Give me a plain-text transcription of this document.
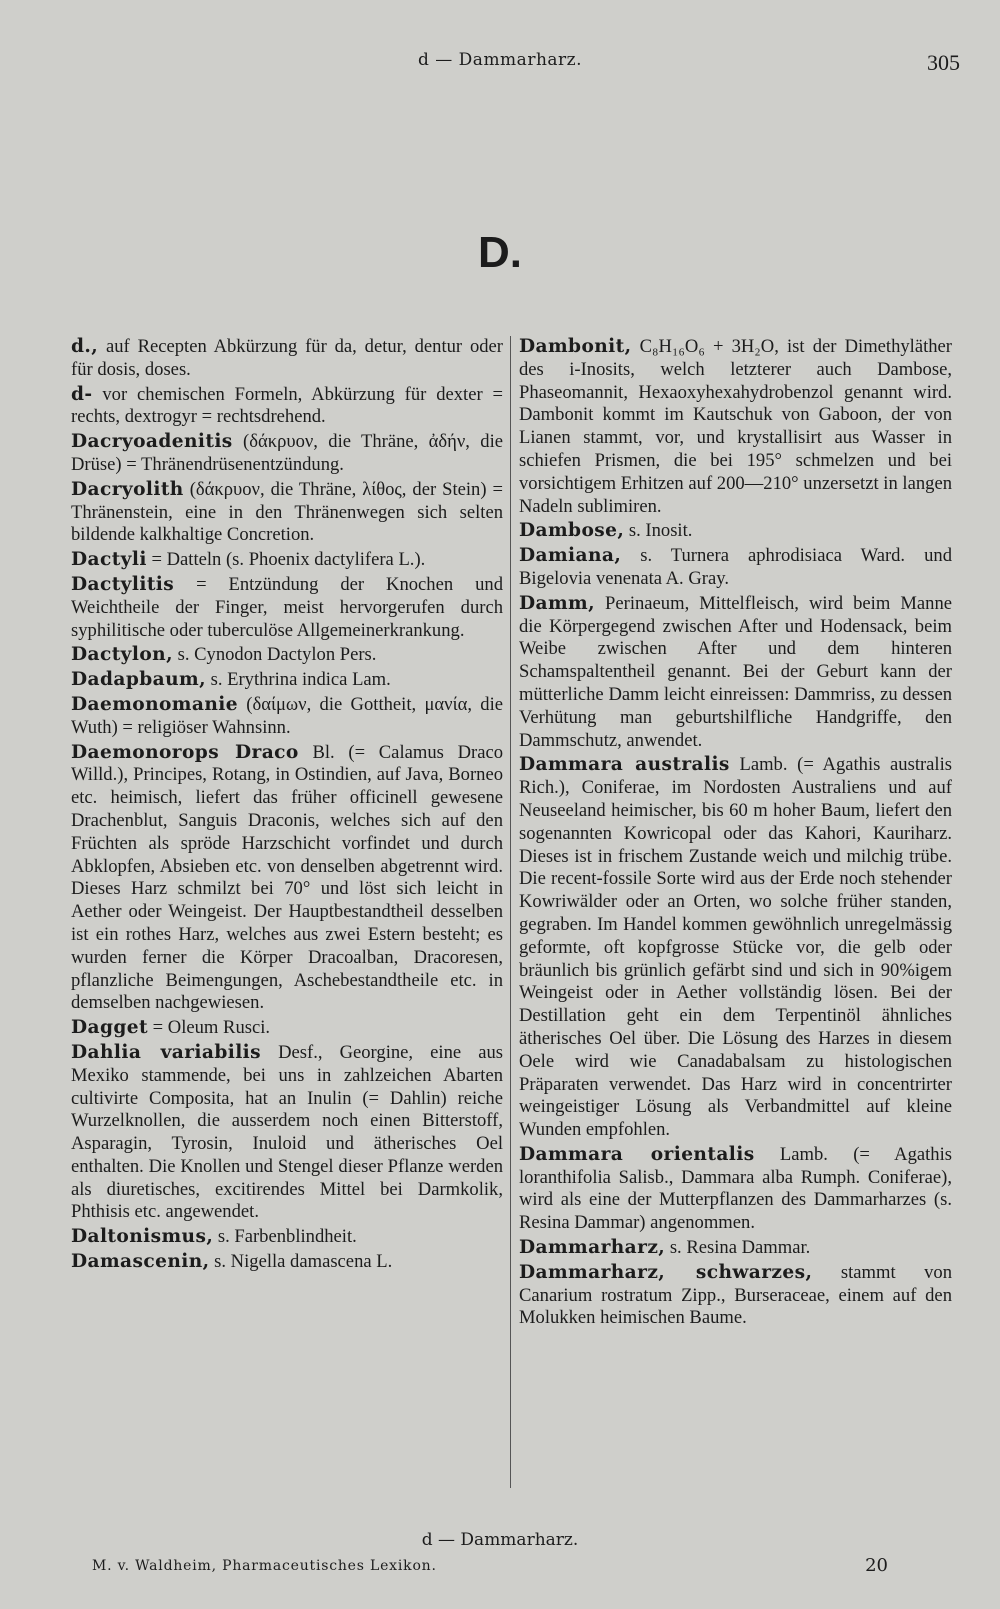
d — Dammarharz.	305
D.

d., auf Recepten Abkürzung für da, detur, dentur oder für dosis, doses.

d- vor chemischen Formeln, Abkürzung für dexter = rechts, dextrogyr = rechtsdrehend.

Dacryoadenitis (δάκρυον, die Thräne, ἀδήν, die Drüse) = Thränendrüsenentzündung.

Dacryolith (δάκρυον, die Thräne, λίθος, der Stein) = Thränenstein, eine in den Thränenwegen sich selten bildende kalkhaltige Concretion.

Dactyli = Datteln (s. Phoenix dactylifera L.).

Dactylitis = Entzündung der Knochen und Weichtheile der Finger, meist hervorgerufen durch syphilitische oder tuberculöse Allgemeinerkrankung.

Dactylon, s. Cynodon Dactylon Pers.

Dadapbaum, s. Erythrina indica Lam.

Daemonomanie (δαίμων, die Gottheit, μανία, die Wuth) = religiöser Wahnsinn.

Daemonorops Draco Bl. (= Calamus Draco Willd.), Principes, Rotang, in Ostindien, auf Java, Borneo etc. heimisch, liefert das früher officinell gewesene Drachenblut, Sanguis Draconis, welches sich auf den Früchten als spröde Harzschicht vorfindet und durch Abklopfen, Absieben etc. von denselben abgetrennt wird. Dieses Harz schmilzt bei 70° und löst sich leicht in Aether oder Weingeist. Der Hauptbestandtheil desselben ist ein rothes Harz, welches aus zwei Estern besteht; es wurden ferner die Körper Dracoalban, Dracoresen, pflanzliche Beimengungen, Aschebestandtheile etc. in demselben nachgewiesen.

Dagget = Oleum Rusci.

Dahlia variabilis Desf., Georgine, eine aus Mexiko stammende, bei uns in zahlzeichen Abarten cultivirte Composita, hat an Inulin (= Dahlin) reiche Wurzelknollen, die ausserdem noch einen Bitterstoff, Asparagin, Tyrosin, Inuloid und ätherisches Oel enthalten. Die Knollen und Stengel dieser Pflanze werden als diuretisches, excitirendes Mittel bei Darmkolik, Phthisis etc. angewendet.

Daltonismus, s. Farbenblindheit.

Damascenin, s. Nigella damascena L.

Dambonit, C₈H₁₆O₆ + 3H₂O, ist der Dimethyläther des i-Inosits, welch letzterer auch Dambose, Phaseomannit, Hexaoxyhexahydrobenzol genannt wird. Dambonit kommt im Kautschuk von Gaboon, der von Lianen stammt, vor, und krystallisirt aus Wasser in schiefen Prismen, die bei 195° schmelzen und bei vorsichtigem Erhitzen auf 200—210° unzersetzt in langen Nadeln sublimiren.

Dambose, s. Inosit.

Damiana, s. Turnera aphrodisiaca Ward. und Bigelovia venenata A. Gray.

Damm, Perinaeum, Mittelfleisch, wird beim Manne die Körpergegend zwischen After und Hodensack, beim Weibe zwischen After und dem hinteren Schamspaltentheil genannt. Bei der Geburt kann der mütterliche Damm leicht einreissen: Dammriss, zu dessen Verhütung man geburtshilfliche Handgriffe, den Dammschutz, anwendet.

Dammara australis Lamb. (= Agathis australis Rich.), Coniferae, im Nordosten Australiens und auf Neuseeland heimischer, bis 60 m hoher Baum, liefert den sogenannten Kowricopal oder das Kahori, Kauriharz. Dieses ist in frischem Zustande weich und milchig trübe. Die recent-fossile Sorte wird aus der Erde noch stehender Kowriwälder oder an Orten, wo solche früher standen, gegraben. Im Handel kommen gewöhnlich unregelmässig geformte, oft kopfgrosse Stücke vor, die gelb oder bräunlich bis grünlich gefärbt sind und sich in 90%igem Weingeist oder in Aether vollständig lösen. Bei der Destillation geht ein dem Terpentinöl ähnliches ätherisches Oel über. Die Lösung des Harzes in diesem Oele wird wie Canadabalsam zu histologischen Präparaten verwendet. Das Harz wird in concentrirter weingeistiger Lösung als Verbandmittel auf kleine Wunden empfohlen.

Dammara orientalis Lamb. (= Agathis loranthifolia Salisb., Dammara alba Rumph. Coniferae), wird als eine der Mutterpflanzen des Dammarharzes (s. Resina Dammar) angenommen.

Dammarharz, s. Resina Dammar.

Dammarharz, schwarzes, stammt von Canarium rostratum Zipp., Burseraceae, einem auf den Molukken heimischen Baume.

d — Dammarharz.
M. v. Waldheim, Pharmaceutisches Lexikon.	20
